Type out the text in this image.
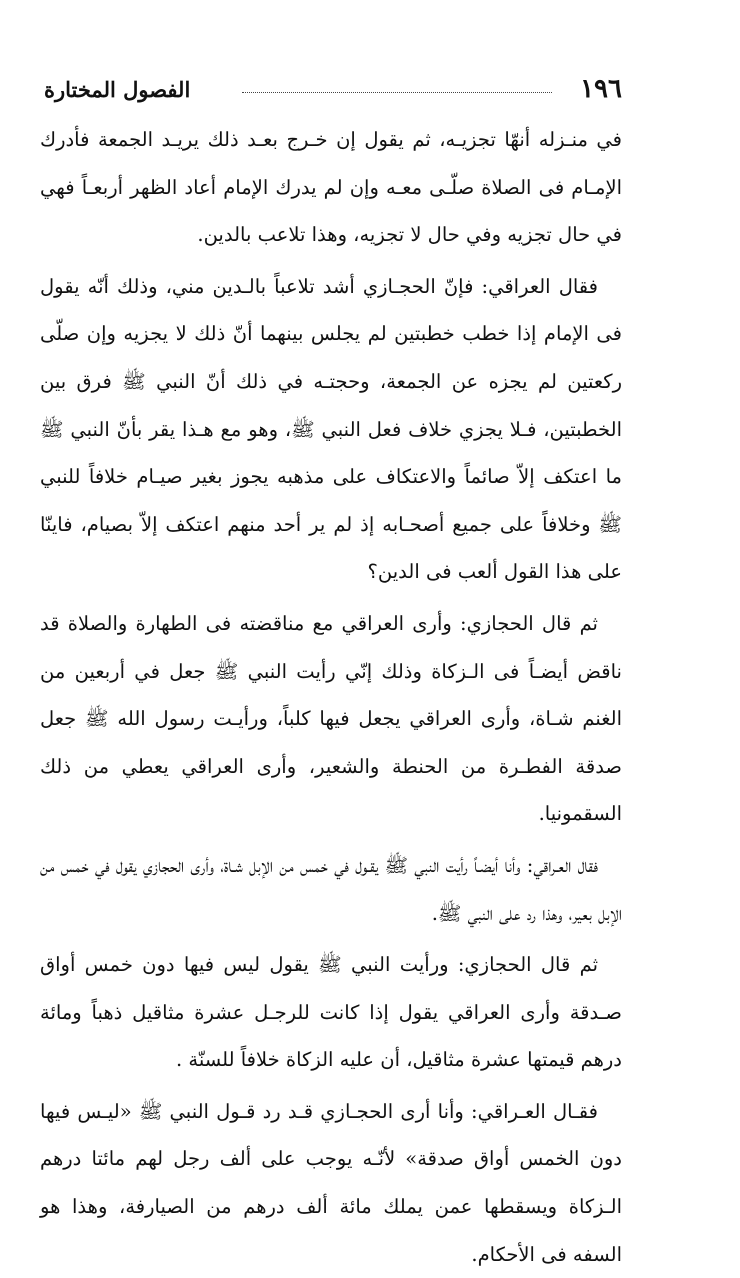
١٩٦
الفصول المختارة

في منـزله أنهّا تجزيـه، ثم يقول إن خـرج بعـد ذلك يريـد الجمعة فأدرك الإمـام فى الصلاة صلّـى معـه وإن لم يدرك الإمام أعاد الظهر أربعـاً فهي في حال تجزيه وفي حال لا تجزيه، وهذا تلاعب بالدين.

فقال العراقي: فإنّ الحجـازي أشد تلاعباً بالـدين مني، وذلك أنّه يقول فى الإمام إذا خطب خطبتين لم يجلس بينهما أنّ ذلك لا يجزيه وإن صلّى ركعتين لم يجزه عن الجمعة، وحجتـه في ذلك أنّ النبي ﷺ فرق بين الخطبتين، فـلا يجزي خلاف فعل النبي ﷺ، وهو مع هـذا يقر بأنّ النبي ﷺ ما اعتكف إلاّ صائماً والاعتكاف على مذهبه يجوز بغير صيـام خلافاً للنبي ﷺ وخلافاً على جميع أصحـابه إذ لم ير أحد منهم اعتكف إلاّ بصيام، فاينّا على هذا القول ألعب فى الدين؟

ثم قال الحجازي: وأرى العراقي مع مناقضته فى الطهارة والصلاة قد ناقض أيضـاً فى الـزكاة وذلك إنّي رأيت النبي ﷺ جعل في أربعين من الغنم شـاة، وأرى العراقي يجعل فيها كلباً، ورأيـت رسول الله ﷺ جعل صدقة الفطـرة من الحنطة والشعير، وأرى العراقي يعطي من ذلك السقمونيا.

فقال العـراقي: وأنا أيضـاً رأيت النبي ﷺ يقـول في خمس من الإبل شـاة، وأرى الحجازي يقول في خمس من الإبل بعير، وهذا رد على النبي ﷺ.

ثم قال الحجازي: ورأيت النبي ﷺ يقول ليس فيها دون خمس أواق صـدقة وأرى العراقي يقول إذا كانت للرجـل عشرة مثاقيل ذهباً ومائة درهم قيمتها عشرة مثاقيل، أن عليه الزكاة خلافاً للسنّة .

فقـال العـراقي: وأنا أرى الحجـازي قـد رد قـول النبي ﷺ «ليـس فيها دون الخمس أواق صدقة» لأنّـه يوجب على ألف رجل لهم مائتا درهم الـزكاة ويسقطها عمن يملك مائة ألف درهم من الصيارفة، وهذا هو السفه فى الأحكام.
